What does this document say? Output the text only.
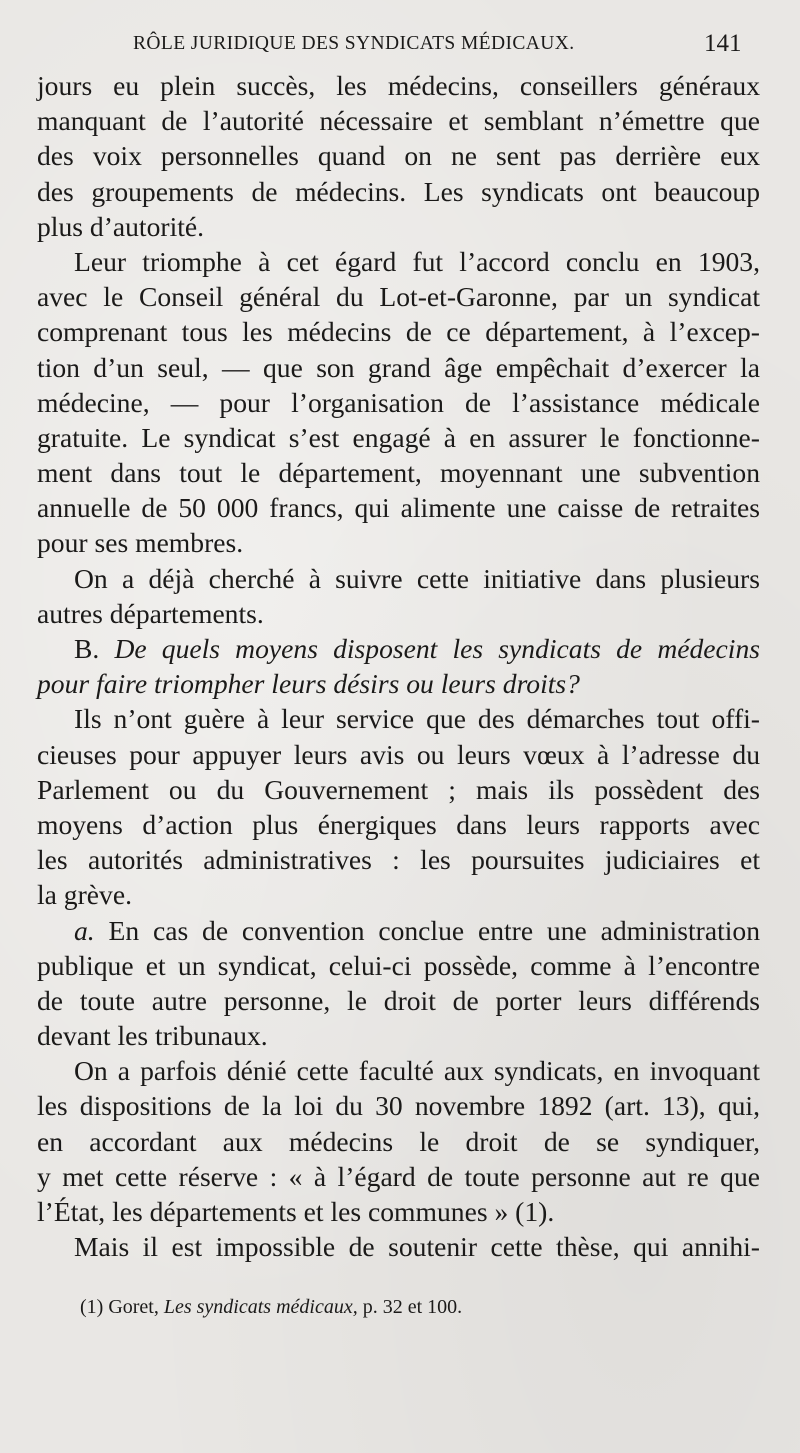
RÔLE JURIDIQUE DES SYNDICATS MÉDICAUX.	141
jours eu plein succès, les médecins, conseillers généraux
manquant de l’autorité nécessaire et semblant n’émettre que
des voix personnelles quand on ne sent pas derrière eux
des groupements de médecins. Les syndicats ont beaucoup
plus d’autorité.
Leur triomphe à cet égard fut l’accord conclu en 1903,
avec le Conseil général du Lot-et-Garonne, par un syndicat
comprenant tous les médecins de ce département, à l’excep-
tion d’un seul, — que son grand âge empêchait d’exercer la
médecine, — pour l’organisation de l’assistance médicale
gratuite. Le syndicat s’est engagé à en assurer le fonctionne-
ment dans tout le département, moyennant une subvention
annuelle de 50 000 francs, qui alimente une caisse de retraites
pour ses membres.
On a déjà cherché à suivre cette initiative dans plusieurs
autres départements.
B. De quels moyens disposent les syndicats de médecins
pour faire triompher leurs désirs ou leurs droits?
Ils n’ont guère à leur service que des démarches tout offi-
cieuses pour appuyer leurs avis ou leurs vœux à l’adresse du
Parlement ou du Gouvernement ; mais ils possèdent des
moyens d’action plus énergiques dans leurs rapports avec
les autorités administratives : les poursuites judiciaires et
la grève.
a. En cas de convention conclue entre une administration
publique et un syndicat, celui-ci possède, comme à l’encontre
de toute autre personne, le droit de porter leurs différends
devant les tribunaux.
On a parfois dénié cette faculté aux syndicats, en invoquant
les dispositions de la loi du 30 novembre 1892 (art. 13), qui,
en accordant aux médecins le droit de se syndiquer,
y met cette réserve : « à l’égard de toute personne aut re que
l’État, les départements et les communes » (1).
Mais il est impossible de soutenir cette thèse, qui annihi-
(1) Goret, Les syndicats médicaux, p. 32 et 100.
